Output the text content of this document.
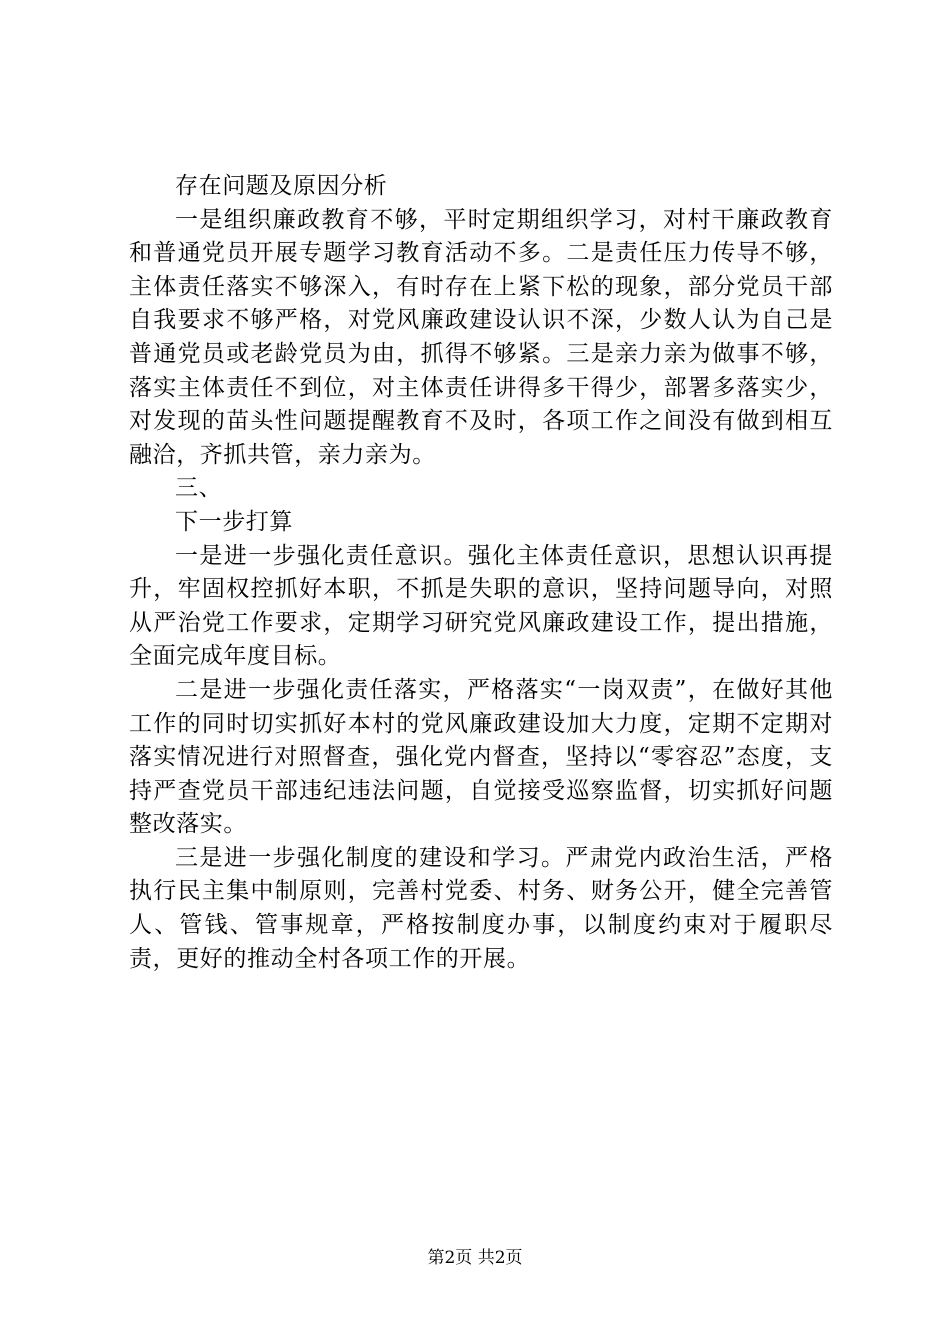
存在问题及原因分析

一是组织廉政教育不够，平时定期组织学习，对村干廉政教育和普通党员开展专题学习教育活动不多。二是责任压力传导不够，主体责任落实不够深入，有时存在上紧下松的现象，部分党员干部自我要求不够严格，对党风廉政建设认识不深，少数人认为自己是普通党员或老龄党员为由，抓得不够紧。三是亲力亲为做事不够，落实主体责任不到位，对主体责任讲得多干得少，部署多落实少，对发现的苗头性问题提醒教育不及时，各项工作之间没有做到相互融洽，齐抓共管，亲力亲为。

三、

下一步打算

一是进一步强化责任意识。强化主体责任意识，思想认识再提升，牢固权控抓好本职，不抓是失职的意识，坚持问题导向，对照从严治党工作要求，定期学习研究党风廉政建设工作，提出措施，全面完成年度目标。

二是进一步强化责任落实，严格落实“一岗双责”，在做好其他工作的同时切实抓好本村的党风廉政建设加大力度，定期不定期对落实情况进行对照督查，强化党内督查，坚持以“零容忍”态度，支持严查党员干部违纪违法问题，自觉接受巡察监督，切实抓好问题整改落实。

三是进一步强化制度的建设和学习。严肃党内政治生活，严格执行民主集中制原则，完善村党委、村务、财务公开，健全完善管人、管钱、管事规章，严格按制度办事，以制度约束对于履职尽责，更好的推动全村各项工作的开展。

第2页 共2页
